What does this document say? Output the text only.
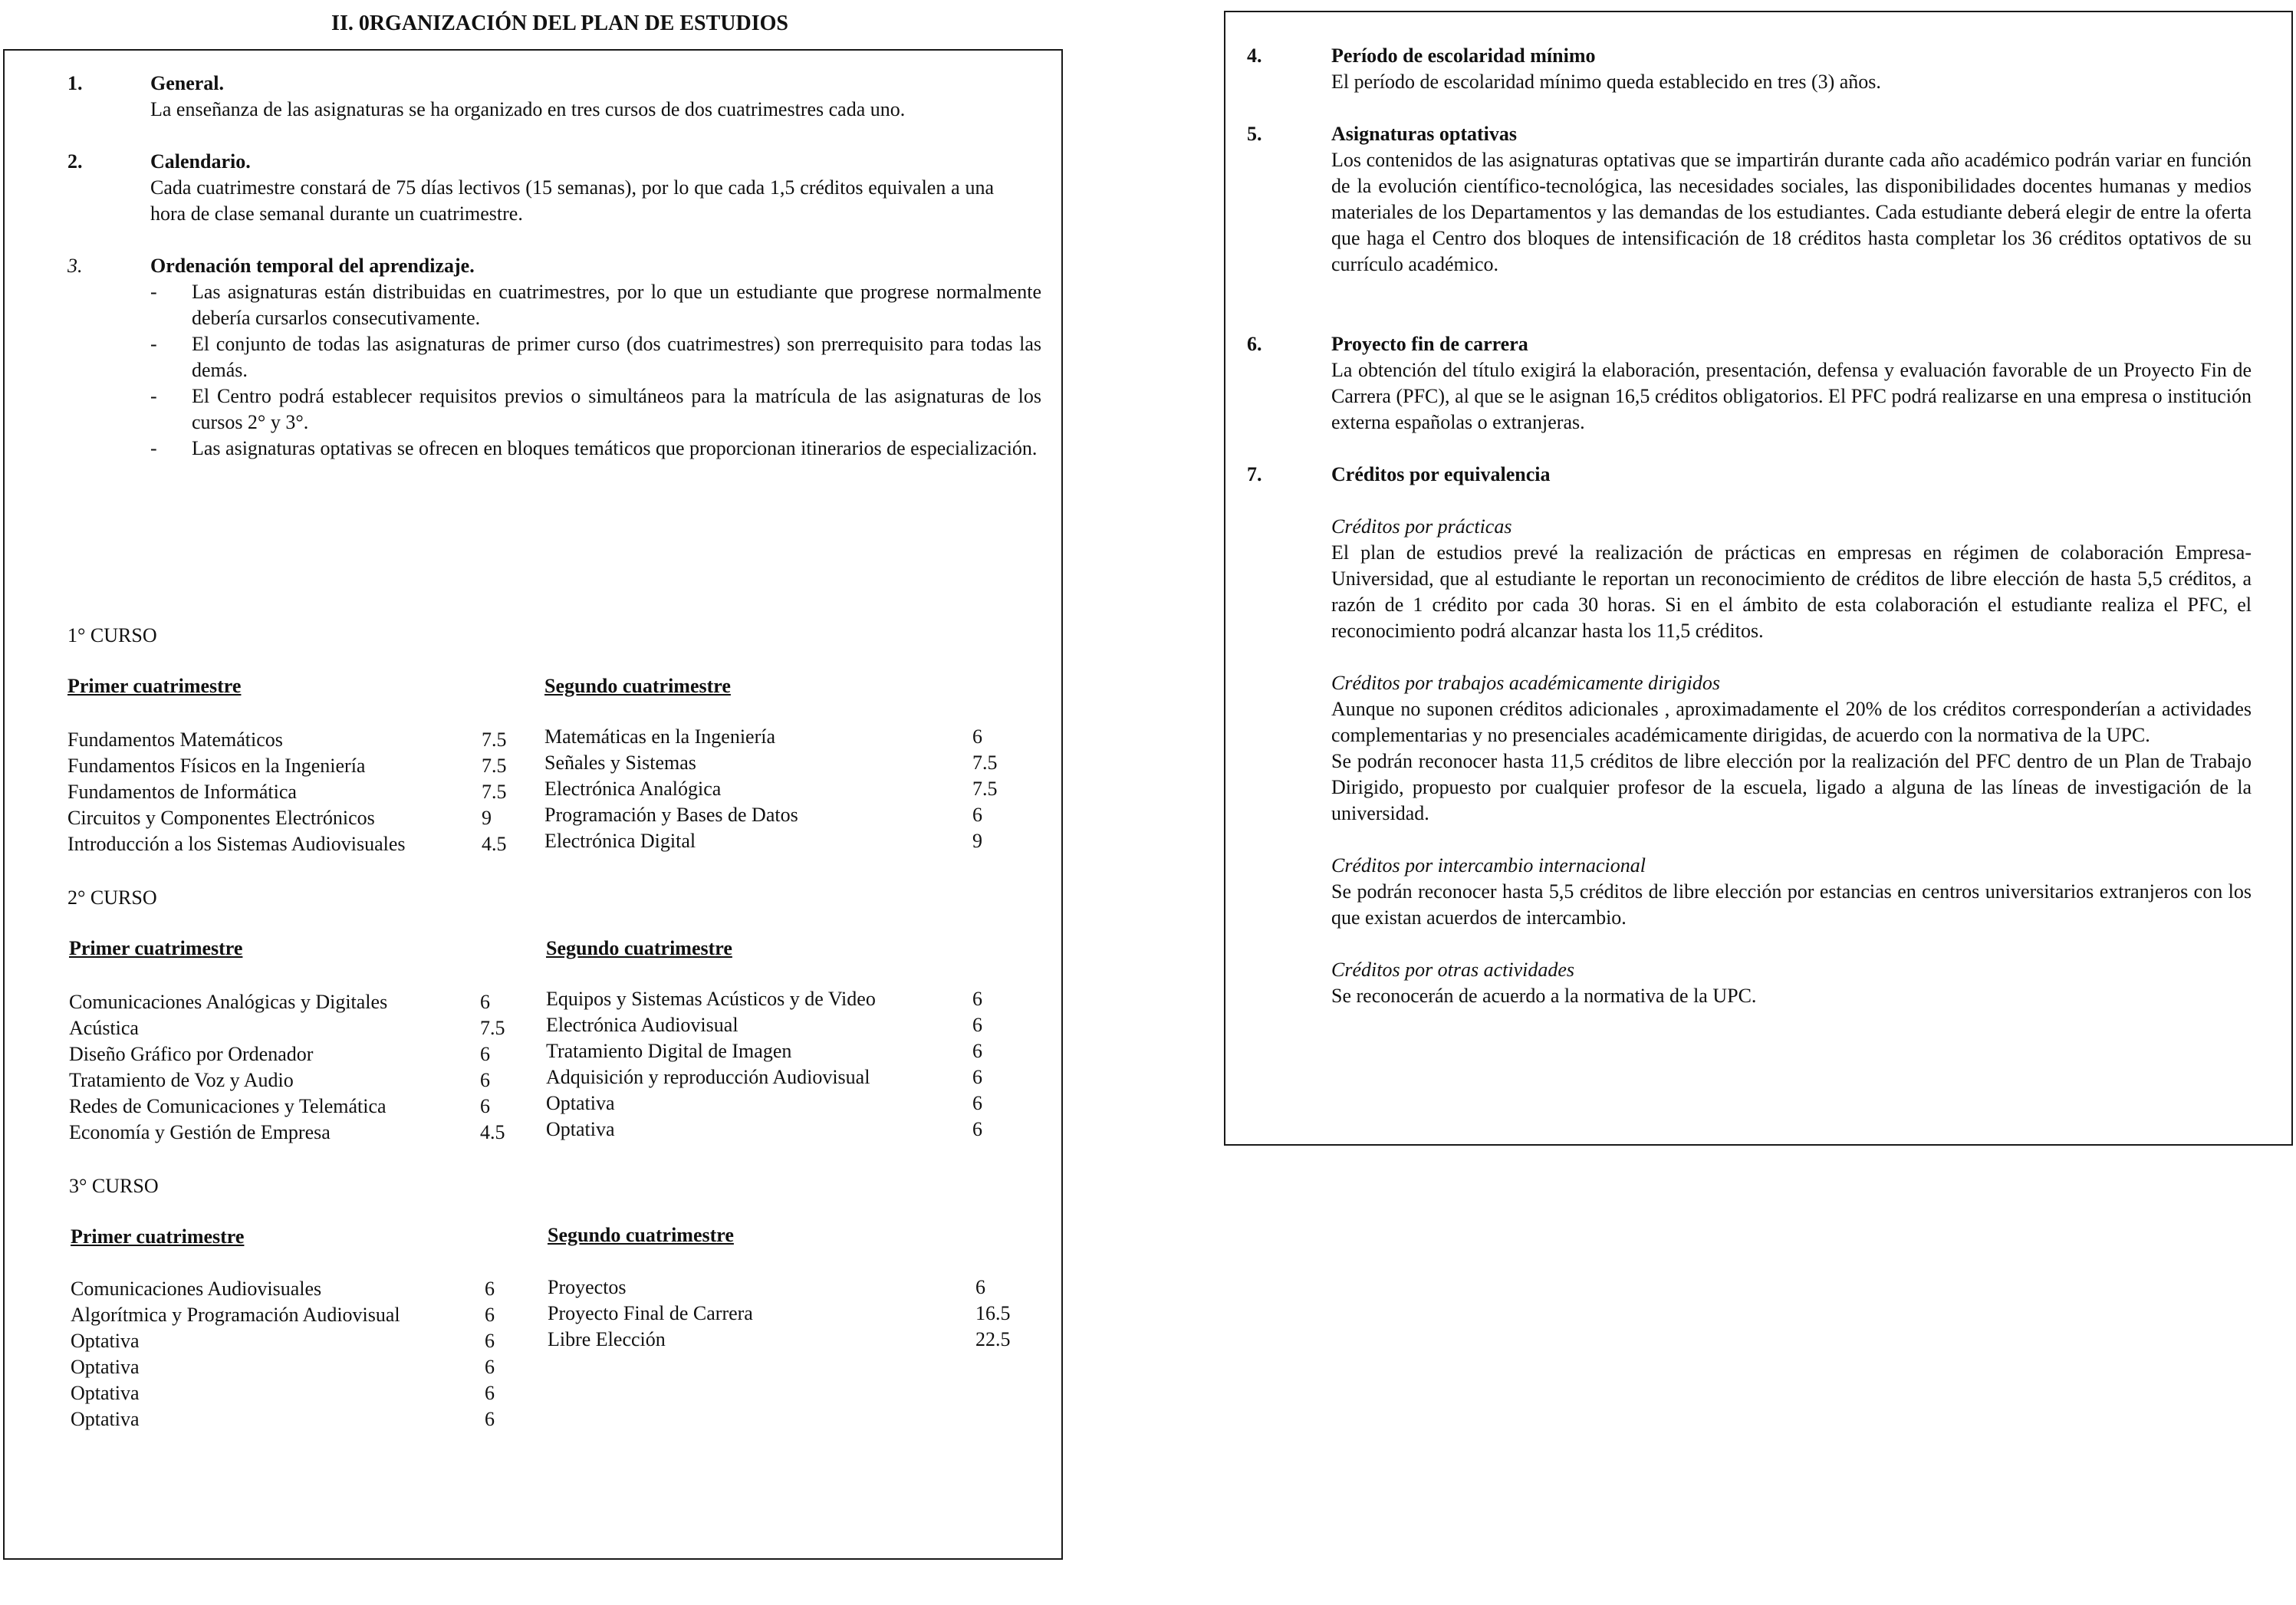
II. 0RGANIZACIÓN DEL PLAN DE ESTUDIOS
1.	General.
La enseñanza de las asignaturas se ha organizado en tres cursos de dos cuatrimestres cada uno.
2.	Calendario.
Cada cuatrimestre constará de 75 días lectivos (15 semanas), por lo que cada 1,5 créditos equivalen a una hora de clase semanal durante un cuatrimestre.
3.	Ordenación temporal del aprendizaje.
- Las asignaturas están distribuidas en cuatrimestres, por lo que un estudiante que progrese normalmente debería cursarlos consecutivamente.
- El conjunto de todas las asignaturas de primer curso (dos cuatrimestres) son prerrequisito para todas las demás.
- El Centro podrá establecer requisitos previos o simultáneos para la matrícula de las asignaturas de los cursos 2° y 3°.
- Las asignaturas optativas se ofrecen en bloques temáticos que proporcionan itinerarios de especialización.
1° CURSO
Primer cuatrimestre	Segundo cuatrimestre
Fundamentos Matemáticos	7.5
Fundamentos Físicos en la Ingeniería	7.5
Fundamentos de Informática	7.5
Circuitos y Componentes Electrónicos	9
Introducción a los Sistemas Audiovisuales	4.5
Matemáticas en la Ingeniería	6
Señales y Sistemas	7.5
Electrónica Analógica	7.5
Programación y Bases de Datos	6
Electrónica Digital	9
2° CURSO
Primer cuatrimestre	Segundo cuatrimestre
Comunicaciones Analógicas y Digitales	6
Acústica	7.5
Diseño Gráfico por Ordenador	6
Tratamiento de Voz y Audio	6
Redes de Comunicaciones y Telemática	6
Economía y Gestión de Empresa	4.5
Equipos y Sistemas Acústicos y de Video	6
Electrónica Audiovisual	6
Tratamiento Digital de Imagen	6
Adquisición y reproducción Audiovisual	6
Optativa	6
Optativa	6
3° CURSO
Primer cuatrimestre	Segundo cuatrimestre
Comunicaciones Audiovisuales	6
Algorítmica y Programación Audiovisual	6
Optativa	6
Optativa	6
Optativa	6
Optativa	6
Proyectos	6
Proyecto Final de Carrera	16.5
Libre Elección	22.5
4.	Período de escolaridad mínimo
El período de escolaridad mínimo queda establecido en tres (3) años.
5.	Asignaturas optativas
Los contenidos de las asignaturas optativas que se impartirán durante cada año académico podrán variar en función de la evolución científico-tecnológica, las necesidades sociales, las disponibilidades docentes humanas y medios materiales de los Departamentos y las demandas de los estudiantes. Cada estudiante deberá elegir de entre la oferta que haga el Centro dos bloques de intensificación de 18 créditos hasta completar los 36 créditos optativos de su currículo académico.
6.	Proyecto fin de carrera
La obtención del título exigirá la elaboración, presentación, defensa y evaluación favorable de un Proyecto Fin de Carrera (PFC), al que se le asignan 16,5 créditos obligatorios. El PFC podrá realizarse en una empresa o institución externa españolas o extranjeras.
7.	Créditos por equivalencia
Créditos por prácticas
El plan de estudios prevé la realización de prácticas en empresas en régimen de colaboración Empresa-Universidad, que al estudiante le reportan un reconocimiento de créditos de libre elección de hasta 5,5 créditos, a razón de 1 crédito por cada 30 horas. Si en el ámbito de esta colaboración el estudiante realiza el PFC, el reconocimiento podrá alcanzar hasta los 11,5 créditos.
Créditos por trabajos académicamente dirigidos
Aunque no suponen créditos adicionales , aproximadamente el 20% de los créditos corresponderían a actividades complementarias y no presenciales académicamente dirigidas, de acuerdo con la normativa de la UPC.
Se podrán reconocer hasta 11,5 créditos de libre elección por la realización del PFC dentro de un Plan de Trabajo Dirigido, propuesto por cualquier profesor de la escuela, ligado a alguna de las líneas de investigación de la universidad.
Créditos por intercambio internacional
Se podrán reconocer hasta 5,5 créditos de libre elección por estancias en centros universitarios extranjeros con los que existan acuerdos de intercambio.
Créditos por otras actividades
Se reconocerán de acuerdo a la normativa de la UPC.
